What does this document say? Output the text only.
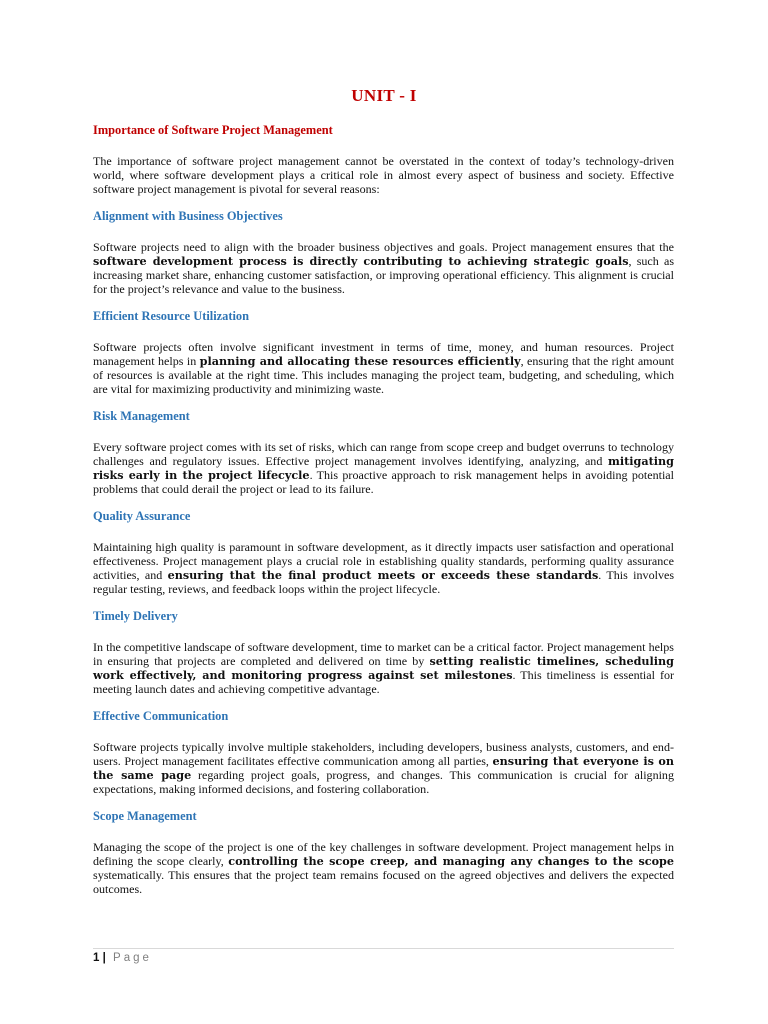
UNIT - I
Importance of Software Project Management

The importance of software project management cannot be overstated in the context of today’s technology-driven world, where software development plays a critical role in almost every aspect of business and society. Effective software project management is pivotal for several reasons:

Alignment with Business Objectives

Software projects need to align with the broader business objectives and goals. Project management ensures that the software development process is directly contributing to achieving strategic goals, such as increasing market share, enhancing customer satisfaction, or improving operational efficiency. This alignment is crucial for the project’s relevance and value to the business.

Efficient Resource Utilization

Software projects often involve significant investment in terms of time, money, and human resources. Project management helps in planning and allocating these resources efficiently, ensuring that the right amount of resources is available at the right time. This includes managing the project team, budgeting, and scheduling, which are vital for maximizing productivity and minimizing waste.

Risk Management

Every software project comes with its set of risks, which can range from scope creep and budget overruns to technology challenges and regulatory issues. Effective project management involves identifying, analyzing, and mitigating risks early in the project lifecycle. This proactive approach to risk management helps in avoiding potential problems that could derail the project or lead to its failure.

Quality Assurance

Maintaining high quality is paramount in software development, as it directly impacts user satisfaction and operational effectiveness. Project management plays a crucial role in establishing quality standards, performing quality assurance activities, and ensuring that the final product meets or exceeds these standards. This involves regular testing, reviews, and feedback loops within the project lifecycle.

Timely Delivery

In the competitive landscape of software development, time to market can be a critical factor. Project management helps in ensuring that projects are completed and delivered on time by setting realistic timelines, scheduling work effectively, and monitoring progress against set milestones. This timeliness is essential for meeting launch dates and achieving competitive advantage.

Effective Communication

Software projects typically involve multiple stakeholders, including developers, business analysts, customers, and end-users. Project management facilitates effective communication among all parties, ensuring that everyone is on the same page regarding project goals, progress, and changes. This communication is crucial for aligning expectations, making informed decisions, and fostering collaboration.

Scope Management

Managing the scope of the project is one of the key challenges in software development. Project management helps in defining the scope clearly, controlling the scope creep, and managing any changes to the scope systematically. This ensures that the project team remains focused on the agreed objectives and delivers the expected outcomes.

1 | Page
